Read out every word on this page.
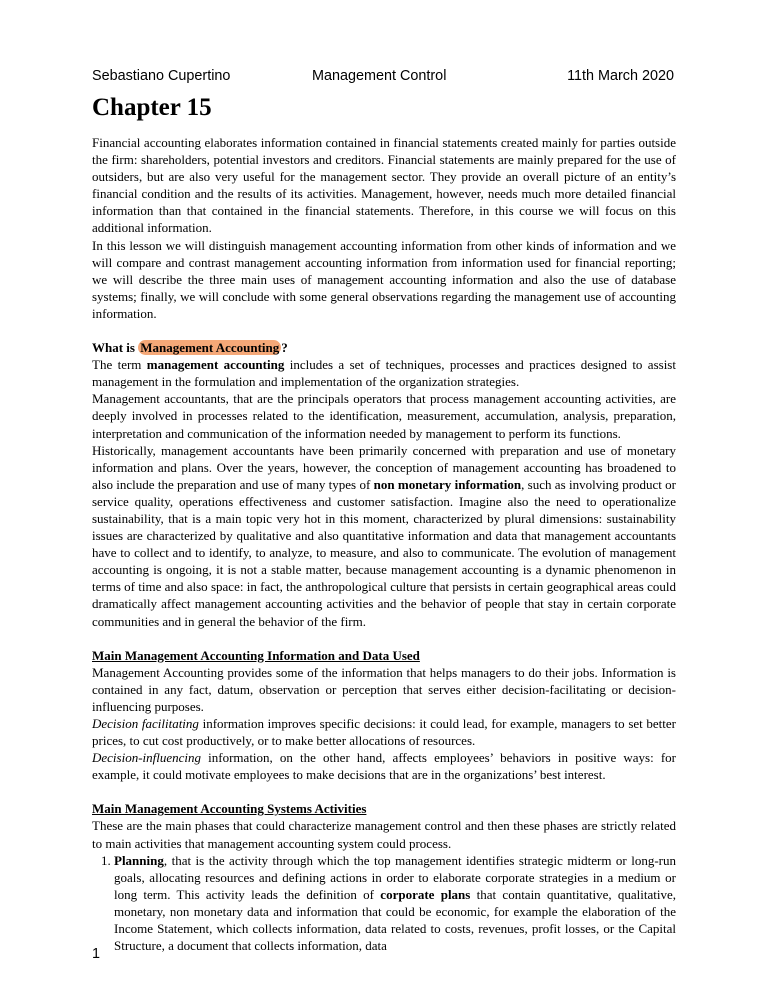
Sebastiano Cupertino	Management Control	11th March 2020
Chapter 15

Financial accounting elaborates information contained in financial statements created mainly for parties outside the firm: shareholders, potential investors and creditors. Financial statements are mainly prepared for the use of outsiders, but are also very useful for the management sector. They provide an overall picture of an entity’s financial condition and the results of its activities. Management, however, needs much more detailed financial information than that contained in the financial statements. Therefore, in this course we will focus on this additional information.

In this lesson we will distinguish management accounting information from other kinds of information and we will compare and contrast management accounting information from information used for financial reporting; we will describe the three main uses of management accounting information and also the use of database systems; finally, we will conclude with some general observations regarding the management use of accounting information.

What is Management Accounting ?

The term management accounting includes a set of techniques, processes and practices designed to assist management in the formulation and implementation of the organization strategies.

Management accountants, that are the principals operators that process management accounting activities, are deeply involved in processes related to the identification, measurement, accumulation, analysis, preparation, interpretation and communication of the information needed by management to perform its functions.

Historically, management accountants have been primarily concerned with preparation and use of monetary information and plans. Over the years, however, the conception of management accounting has broadened to also include the preparation and use of many types of non monetary information, such as involving product or service quality, operations effectiveness and customer satisfaction. Imagine also the need to operationalize sustainability, that is a main topic very hot in this moment, characterized by plural dimensions: sustainability issues are characterized by qualitative and also quantitative information and data that management accountants have to collect and to identify, to analyze, to measure, and also to communicate. The evolution of management accounting is ongoing, it is not a stable matter, because management accounting is a dynamic phenomenon in terms of time and also space: in fact, the anthropological culture that persists in certain geographical areas could dramatically affect management accounting activities and the behavior of people that stay in certain corporate communities and in general the behavior of the firm.

Main Management Accounting Information and Data Used

Management Accounting provides some of the information that helps managers to do their jobs. Information is contained in any fact, datum, observation or perception that serves either decision-facilitating or decision-influencing purposes.

Decision facilitating information improves specific decisions: it could lead, for example, managers to set better prices, to cut cost productively, or to make better allocations of resources.

Decision-influencing information, on the other hand, affects employees’ behaviors in positive ways: for example, it could motivate employees to make decisions that are in the organizations’ best interest.

Main Management Accounting Systems Activities

These are the main phases that could characterize management control and then these phases are strictly related to main activities that management accounting system could process.

1. Planning, that is the activity through which the top management identifies strategic midterm or long-run goals, allocating resources and defining actions in order to elaborate corporate strategies in a medium or long term. This activity leads the definition of corporate plans that contain quantitative, qualitative, monetary, non monetary data and information that could be economic, for example the elaboration of the Income Statement, which collects information, data related to costs, revenues, profit losses, or the Capital Structure, a document that collects information, data
1
